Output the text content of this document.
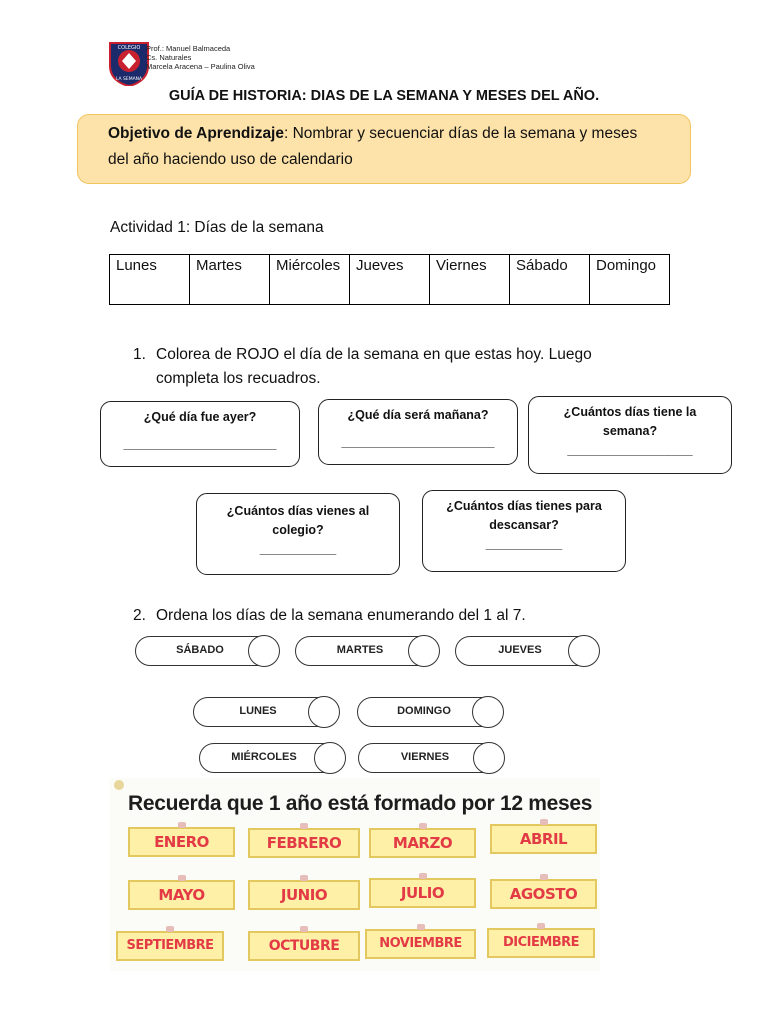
COLEGIO
LA SEMANA
Prof.: Manuel Balmaceda
Cs. Naturales
Marcela Aracena – Paulina Oliva
GUÍA DE HISTORIA: DIAS DE LA SEMANA Y MESES DEL AÑO.
Objetivo de Aprendizaje: Nombrar y secuenciar días de la semana y meses del año haciendo uso de calendario
Actividad 1: Días de la semana
Lunes	Martes	Miércoles	Jueves	Viernes	Sábado	Domingo
1. Colorea de ROJO el día de la semana en que estas hoy. Luego completa los recuadros.
¿Qué día fue ayer?
______________________
¿Qué día será mañana?
______________________
¿Cuántos días tiene la semana?
__________________
¿Cuántos días vienes al colegio?
___________
¿Cuántos días tienes para descansar?
___________
2. Ordena los días de la semana enumerando del 1 al 7.
SÁBADO	MARTES	JUEVES
LUNES	DOMINGO
MIÉRCOLES	VIERNES
Recuerda que 1 año está formado por 12 meses
ENERO	FEBRERO	MARZO	ABRIL
MAYO	JUNIO	JULIO	AGOSTO
SEPTIEMBRE	OCTUBRE	NOVIEMBRE	DICIEMBRE
